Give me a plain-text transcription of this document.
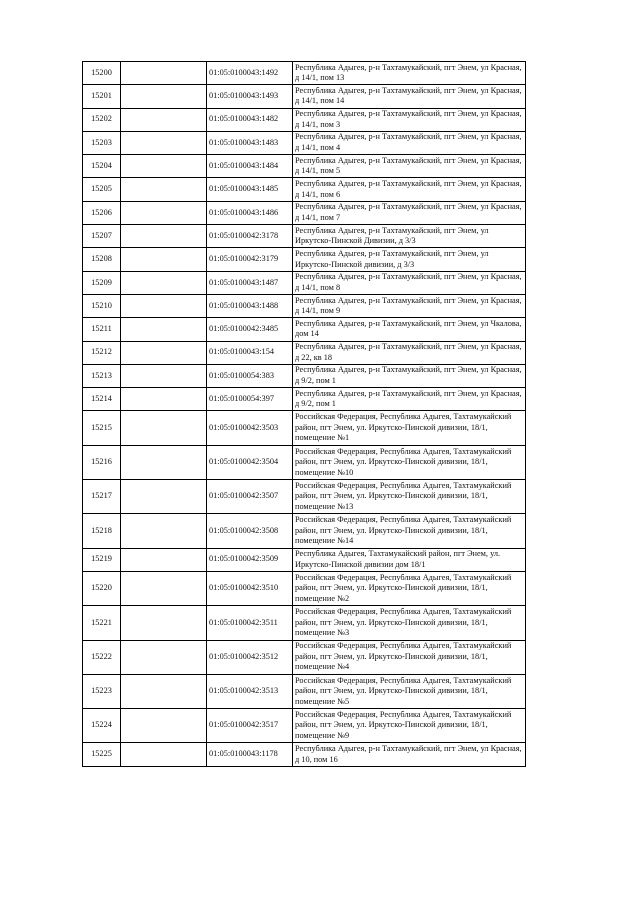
15200		01:05:0100043:1492	Республика Адыгея, р-н Тахтамукайский, пгт Энем, ул Красная, д 14/1, пом 13
15201		01:05:0100043:1493	Республика Адыгея, р-н Тахтамукайский, пгт Энем, ул Красная, д 14/1, пом 14
15202		01:05:0100043:1482	Республика Адыгея, р-н Тахтамукайский, пгт Энем, ул Красная, д 14/1, пом 3
15203		01:05:0100043:1483	Республика Адыгея, р-н Тахтамукайский, пгт Энем, ул Красная, д 14/1, пом 4
15204		01:05:0100043:1484	Республика Адыгея, р-н Тахтамукайский, пгт Энем, ул Красная, д 14/1, пом 5
15205		01:05:0100043:1485	Республика Адыгея, р-н Тахтамукайский, пгт Энем, ул Красная, д 14/1, пом 6
15206		01:05:0100043:1486	Республика Адыгея, р-н Тахтамукайский, пгт Энем, ул Красная, д 14/1, пом 7
15207		01:05:0100042:3178	Республика Адыгея, р-н Тахтамукайский, пгт Энем, ул Иркутско-Пинской Дивизии, д 3/3
15208		01:05:0100042:3179	Республика Адыгея, р-н Тахтамукайский, пгт Энем, ул Иркутско-Пинской дивизии, д 3/3
15209		01:05:0100043:1487	Республика Адыгея, р-н Тахтамукайский, пгт Энем, ул Красная, д 14/1, пом 8
15210		01:05:0100043:1488	Республика Адыгея, р-н Тахтамукайский, пгт Энем, ул Красная, д 14/1, пом 9
15211		01:05:0100042:3485	Республика Адыгея, р-н Тахтамукайский, пгт Энем, ул Чкалова, дом 14
15212		01:05:0100043:154	Республика Адыгея, р-н Тахтамукайский, пгт Энем, ул Красная, д 22, кв 18
15213		01:05:0100054:383	Республика Адыгея, р-н Тахтамукайский, пгт Энем, ул Красная, д 9/2, пом 1
15214		01:05:0100054:397	Республика Адыгея, р-н Тахтамукайский, пгт Энем, ул Красная, д 9/2, пом 1
15215		01:05:0100042:3503	Российская Федерация, Республика Адыгея, Тахтамукайский район, пгт Энем, ул. Иркутско-Пинской дивизии, 18/1, помещение №1
15216		01:05:0100042:3504	Российская Федерация, Республика Адыгея, Тахтамукайский район, пгт Энем, ул. Иркутско-Пинской дивизии, 18/1, помещение №10
15217		01:05:0100042:3507	Российская Федерация, Республика Адыгея, Тахтамукайский район, пгт Энем, ул. Иркутско-Пинской дивизии, 18/1, помещение №13
15218		01:05:0100042:3508	Российская Федерация, Республика Адыгея, Тахтамукайский район, пгт Энем, ул. Иркутско-Пинской дивизии, 18/1, помещение №14
15219		01:05:0100042:3509	Республика Адыгея, Тахтамукайский район, пгт Энем, ул. Иркутско-Пинской дивизии дом 18/1
15220		01:05:0100042:3510	Российская Федерация, Республика Адыгея, Тахтамукайский район, пгт Энем, ул. Иркутско-Пинской дивизии, 18/1, помещение №2
15221		01:05:0100042:3511	Российская Федерация, Республика Адыгея, Тахтамукайский район, пгт Энем, ул. Иркутско-Пинской дивизии, 18/1, помещение №3
15222		01:05:0100042:3512	Российская Федерация, Республика Адыгея, Тахтамукайский район, пгт Энем, ул. Иркутско-Пинской дивизии, 18/1, помещение №4
15223		01:05:0100042:3513	Российская Федерация, Республика Адыгея, Тахтамукайский район, пгт Энем, ул. Иркутско-Пинской дивизии, 18/1, помещение №5
15224		01:05:0100042:3517	Российская Федерация, Республика Адыгея, Тахтамукайский район, пгт Энем, ул. Иркутско-Пинской дивизии, 18/1, помещение №9
15225		01:05:0100043:1178	Республика Адыгея, р-н Тахтамукайский, пгт Энем, ул Красная, д 10, пом 16
